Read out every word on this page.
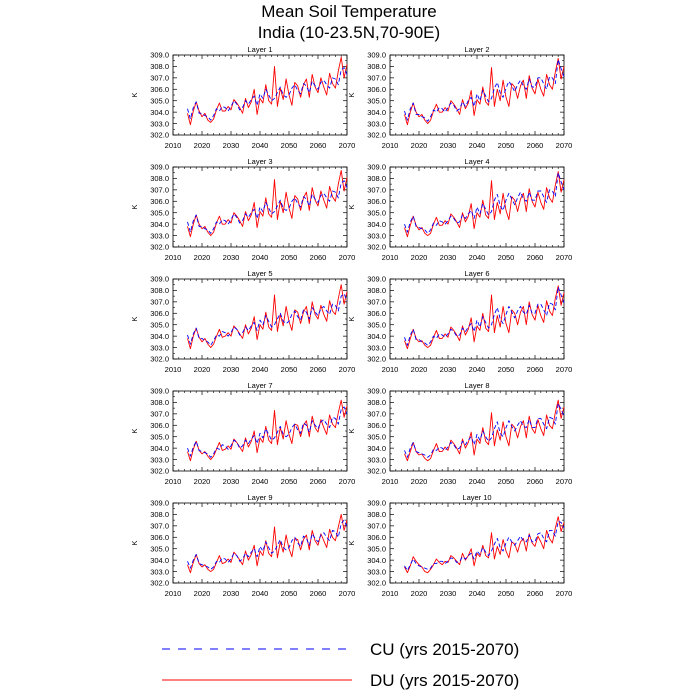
Mean Soil Temperature
India (10-23.5N,70-90E)
Layer 1
2010 2020 2030 2040 2050 2060 2070
302.0
303.0
304.0
305.0
306.0
307.0
308.0
309.0
K
Layer 2
2010 2020 2030 2040 2050 2060 2070
302.0
303.0
304.0
305.0
306.0
307.0
308.0
309.0
K
Layer 3
2010 2020 2030 2040 2050 2060 2070
302.0
303.0
304.0
305.0
306.0
307.0
308.0
309.0
K
Layer 4
2010 2020 2030 2040 2050 2060 2070
302.0
303.0
304.0
305.0
306.0
307.0
308.0
309.0
K
Layer 5
2010 2020 2030 2040 2050 2060 2070
302.0
303.0
304.0
305.0
306.0
307.0
308.0
309.0
K
Layer 6
2010 2020 2030 2040 2050 2060 2070
302.0
303.0
304.0
305.0
306.0
307.0
308.0
309.0
K
Layer 7
2010 2020 2030 2040 2050 2060 2070
302.0
303.0
304.0
305.0
306.0
307.0
308.0
309.0
K
Layer 8
2010 2020 2030 2040 2050 2060 2070
302.0
303.0
304.0
305.0
306.0
307.0
308.0
309.0
K
Layer 9
2010 2020 2030 2040 2050 2060 2070
302.0
303.0
304.0
305.0
306.0
307.0
308.0
309.0
K
Layer 10
2010 2020 2030 2040 2050 2060 2070
302.0
303.0
304.0
305.0
306.0
307.0
308.0
309.0
K
CU (yrs 2015-2070)
DU (yrs 2015-2070)
